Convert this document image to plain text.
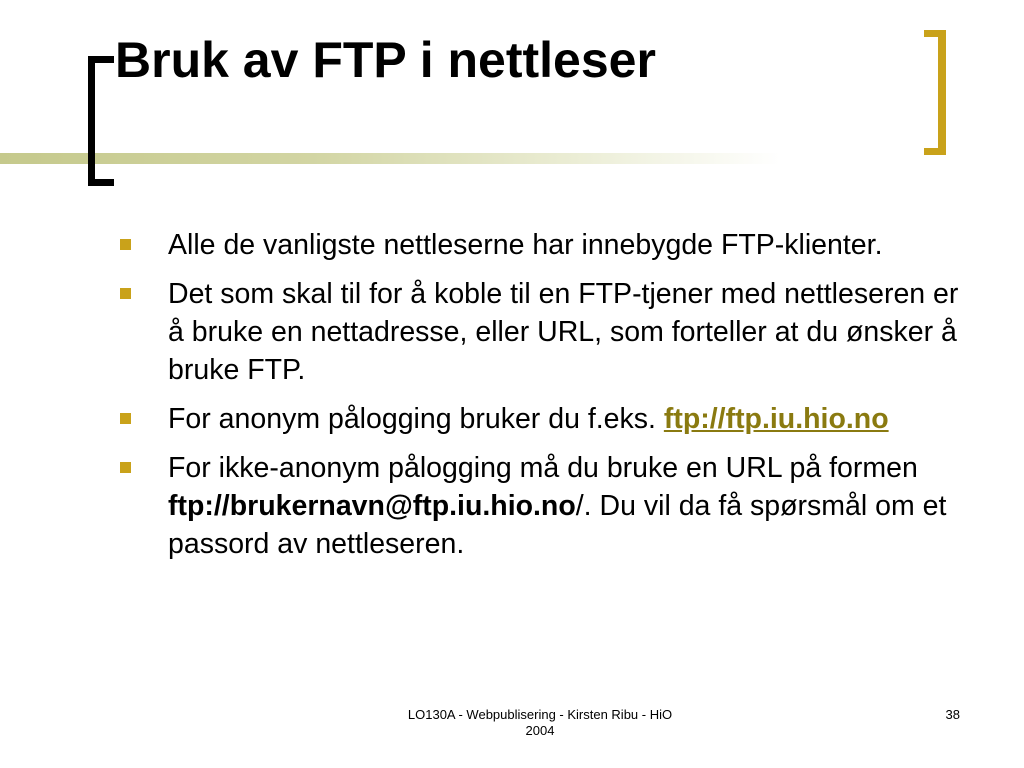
Bruk av FTP i nettleser
Alle de vanligste nettleserne har innebygde FTP-klienter.
Det som skal til for å koble til en FTP-tjener med nettleseren er å bruke en nettadresse, eller URL, som forteller at du ønsker å bruke FTP.
For anonym pålogging bruker du f.eks. ftp://ftp.iu.hio.no
For ikke-anonym pålogging må du bruke en URL på formen ftp://brukernavn@ftp.iu.hio.no/. Du vil da få spørsmål om et passord av nettleseren.
LO130A - Webpublisering - Kirsten Ribu - HiO
2004
38
